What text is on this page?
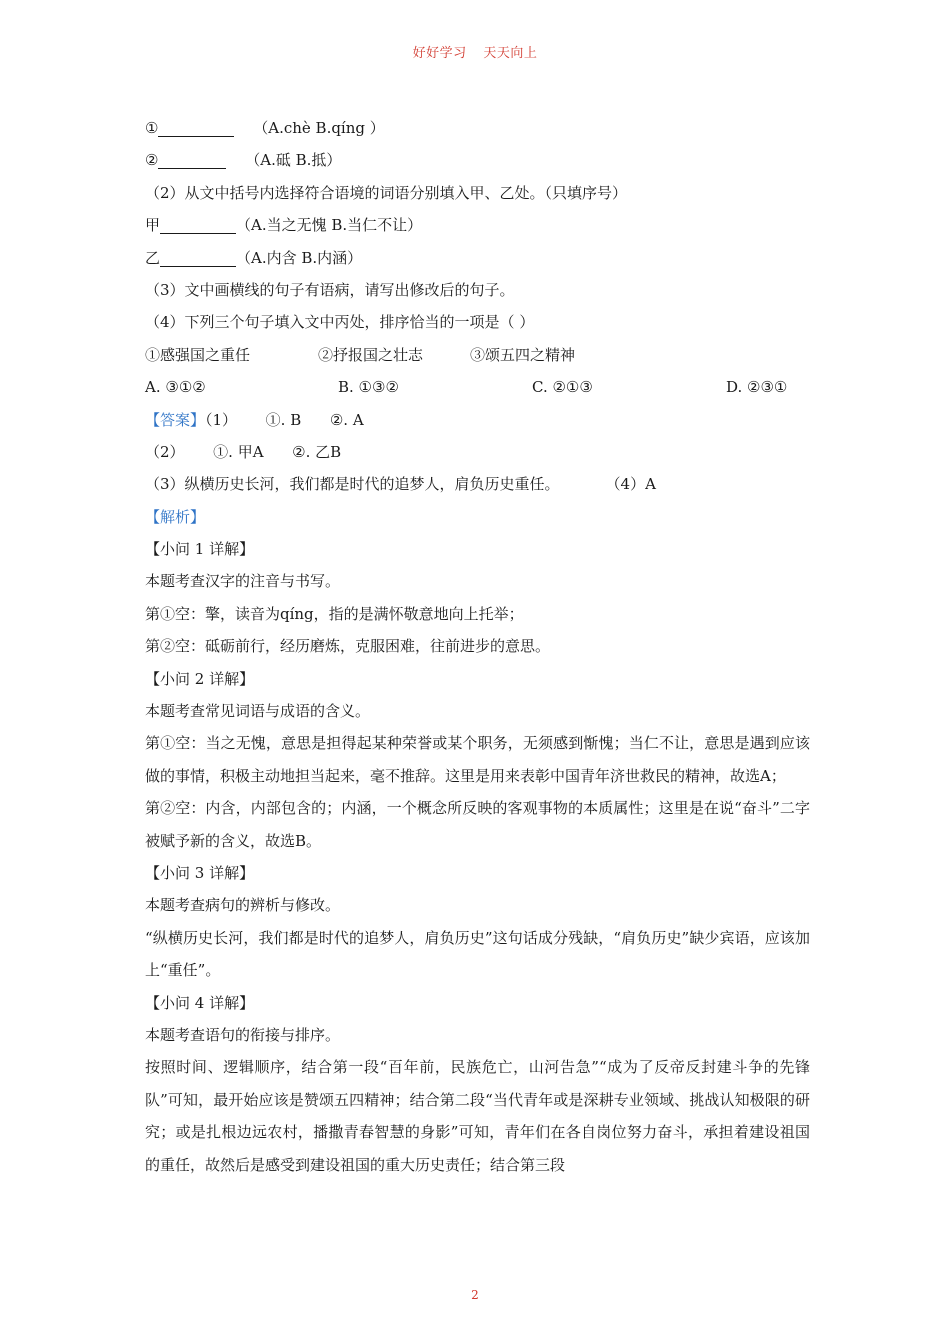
好好学习 天天向上
①	（A.chè B.qíng ）
②	（A.砥 B.抵）
（2）从文中括号内选择符合语境的词语分别填入甲、乙处。（只填序号）
甲	（A.当之无愧 B.当仁不让）
乙	（A.内含 B.内涵）
（3）文中画横线的句子有语病，请写出修改后的句子。
（4）下列三个句子填入文中丙处，排序恰当的一项是（ ）
①感强国之重任	②抒报国之壮志	③颂五四之精神
A. ③①②	B. ①③②	C. ②①③	D. ②③①
【答案】（1）      ①. B      ②. A
（2）      ①. 甲A      ②. 乙B
（3）纵横历史长河，我们都是时代的追梦人，肩负历史重任。	（4）A
【解析】
【小问 1 详解】
本题考查汉字的注音与书写。
第①空：擎，读音为qíng，指的是满怀敬意地向上托举；
第②空：砥砺前行，经历磨炼，克服困难，往前进步的意思。
【小问 2 详解】
本题考查常见词语与成语的含义。
第①空：当之无愧，意思是担得起某种荣誉或某个职务，无须感到惭愧；当仁不让，意思是遇到应该做的事情，积极主动地担当起来，毫不推辞。这里是用来表彰中国青年济世救民的精神，故选A；
第②空：内含，内部包含的；内涵，一个概念所反映的客观事物的本质属性；这里是在说“奋斗”二字被赋予新的含义，故选B。
【小问 3 详解】
本题考查病句的辨析与修改。
“纵横历史长河，我们都是时代的追梦人，肩负历史”这句话成分残缺，“肩负历史”缺少宾语，应该加上“重任”。
【小问 4 详解】
本题考查语句的衔接与排序。
按照时间、逻辑顺序，结合第一段“百年前，民族危亡，山河告急”“成为了反帝反封建斗争的先锋队”可知，最开始应该是赞颂五四精神；结合第二段“当代青年或是深耕专业领域、挑战认知极限的研究；或是扎根边远农村，播撒青春智慧的身影”可知，青年们在各自岗位努力奋斗，承担着建设祖国的重任，故然后是感受到建设祖国的重大历史责任；结合第三段
2
